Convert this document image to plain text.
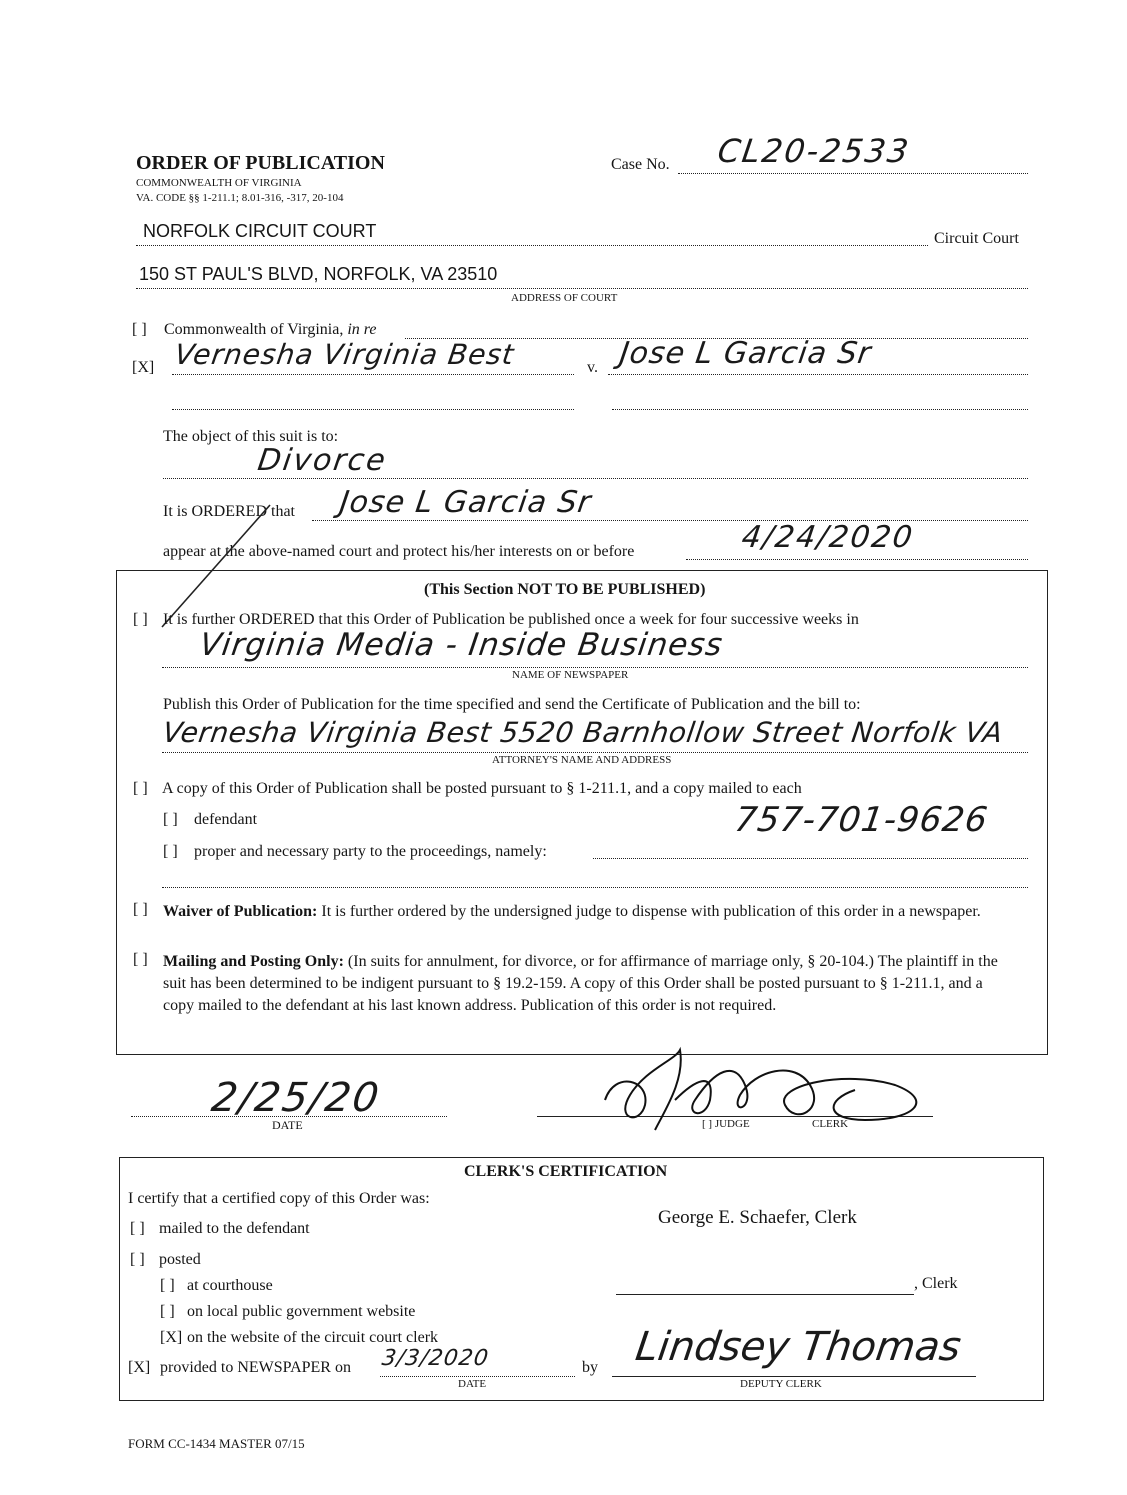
ORDER OF PUBLICATION
COMMONWEALTH OF VIRGINIA
VA. CODE §§ 1-211.1; 8.01-316, -317, 20-104
Case No. CL20-2533
NORFOLK CIRCUIT COURT	Circuit Court
150 ST PAUL'S BLVD, NORFOLK, VA 23510
ADDRESS OF COURT
[ ] Commonwealth of Virginia, in re
[X] Vernesha Virginia Best	v. Jose L Garcia Sr
The object of this suit is to:
Divorce
It is ORDERED that Jose L Garcia Sr
appear at the above-named court and protect his/her interests on or before	4/24/2020
(This Section NOT TO BE PUBLISHED)
[ ] It is further ORDERED that this Order of Publication be published once a week for four successive weeks in
Virginia Media - Inside Business
NAME OF NEWSPAPER
Publish this Order of Publication for the time specified and send the Certificate of Publication and the bill to:
Vernesha Virginia Best 5520 Barnhollow Street Norfolk VA
ATTORNEY'S NAME AND ADDRESS
[ ] A copy of this Order of Publication shall be posted pursuant to § 1-211.1, and a copy mailed to each
[ ] defendant	757-701-9626
[ ] proper and necessary party to the proceedings, namely:
[ ] Waiver of Publication: It is further ordered by the undersigned judge to dispense with publication of this order in a newspaper.
[ ] Mailing and Posting Only: (In suits for annulment, for divorce, or for affirmance of marriage only, § 20-104.) The plaintiff in the suit has been determined to be indigent pursuant to § 19.2-159. A copy of this Order shall be posted pursuant to § 1-211.1, and a copy mailed to the defendant at his last known address. Publication of this order is not required.
2/25/20
DATE	[ ] JUDGE	CLERK
CLERK'S CERTIFICATION
I certify that a certified copy of this Order was:
George E. Schaefer, Clerk
[ ] mailed to the defendant
[ ] posted
[ ] at courthouse	, Clerk
[ ] on local public government website
[X] on the website of the circuit court clerk
[X] provided to NEWSPAPER on 3/3/2020
DATE
by Lindsey Thomas
DEPUTY CLERK
FORM CC-1434 MASTER 07/15
